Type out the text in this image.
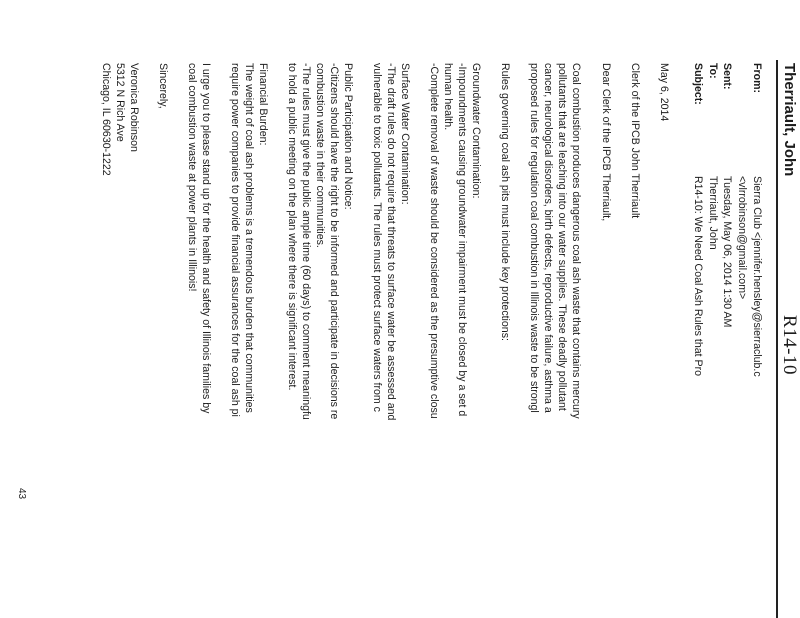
R14-10
Therriault, John
From:
Sierra Club <jennifer.hensley@sierraclub.c
<vlrrobinson@gmail.com>
Sent:
Tuesday, May 06, 2014 1:30 AM
To:
Therriault, John
Subject:
R14-10: We Need Coal Ash Rules that Pro
May 6, 2014
Clerk of the IPCB John Therriault
Dear Clerk of the IPCB Therriault,
Coal combustion produces dangerous coal ash waste that contains mercury
pollutants that are leaching into our water supplies. These deadly pollutant
cancer, neurological disorders, birth defects, reproductive failure, asthma a
proposed rules for regulation coal combustion in Illinois waste to be strongl
Rules governing coal ash pits must include key protections:
Groundwater Contamination:
-Impoundments causing groundwater impairment must be closed by a set d
human health.
-Complete removal of waste should be considered as the presumptive closu
Surface Water Contamination:
-The draft rules do not require that threats to surface water be assessed and
vulnerable to toxic pollutants. The rules must protect surface waters from c
Public Participation and Notice:
-Citizens should have the right to be informed and participate in decisions re
combustion waste in their communities.
-The rules must give the public ample time (60 days) to comment meaningfu
to hold a public meeting on the plan where there is significant interest.
Financial Burden:
The weight of coal ash problems is a tremendous burden that communities
require power companies to provide financial assurances for the coal ash pi
I urge you to please stand up for the health and safety of Illinois families by
coal combustion waste at power plants in Illinois!
Sincerely,
Veronica Robinson
5312 N Rich Ave
Chicago, IL 60630-1222
43
